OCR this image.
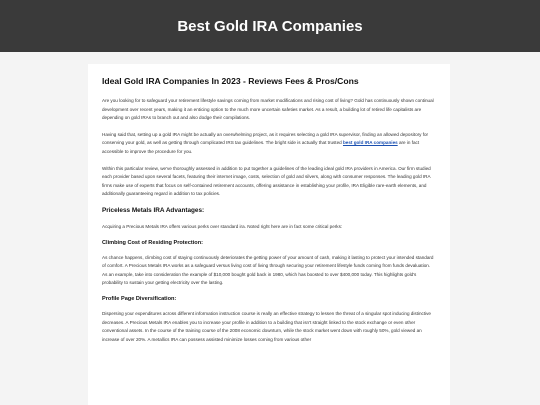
Best Gold IRA Companies
Ideal Gold IRA Companies In 2023 - Reviews Fees & Pros/Cons

Are you looking for to safeguard your retirement lifestyle savings coming from market modifications and rising cost of living? Gold has continuously shown continual development over recent years, making it an enticing option to the much more uncertain safeties market. As a result, a building lot of retired life capitalists are depending on gold IRAs to branch out and also dodge their compilations.

Having said that, setting up a gold IRA might be actually an overwhelming project, as it requires selecting a gold IRA supervisor, finding an allowed depository for conserving your gold, as well as getting through complicated IRS tax guidelines. The bright side is actually that trusted best gold IRA companies are in fact accessible to improve the procedure for you.

Within this particular review, we've thoroughly assessed in addition to put together a guidelines of the leading ideal gold IRA providers in America. Our firm studied each provider based upon several facets, featuring their internet image, costs, selection of gold and silvers, along with consumer responses. The leading gold IRA firms make use of experts that focus on self-contained retirement accounts, offering assistance in establishing your profile, IRA Eligible rare-earth elements, and additionally guaranteeing regard in addition to tax policies.

Priceless Metals IRA Advantages:

Acquiring a Precious Metals IRA offers various perks over standard ira. Noted right here are in fact some critical perks:

Climbing Cost of Residing Protection:

As chance happens, climbing cost of staying continuously deteriorates the getting power of your amount of cash, making it lasting to protect your intended standard of comfort. A Precious Metals IRA works as a safeguard versus living cost of living through securing your retirement lifestyle funds coming from funds devaluation. As an example, take into consideration the example of $10,000 bought gold back in 1980, which has boosted to over $400,000 today. This highlights gold's probability to sustain your getting electricity over the lasting.

Profile Page Diversification:

Dispersing your expenditures across different information instruction course is really an effective strategy to lessen the threat of a singular spot inducing distinctive decreases. A Precious Metals IRA enables you to increase your profile in addition to a building that isn't straight linked to the stock exchange or even other conventional assets. In the course of the training course of the 2008 economic downturn, while the stock market went down with roughly 50%, gold viewed an increase of over 20%. A metallics IRA can possess assisted minimize losses coming from various other
